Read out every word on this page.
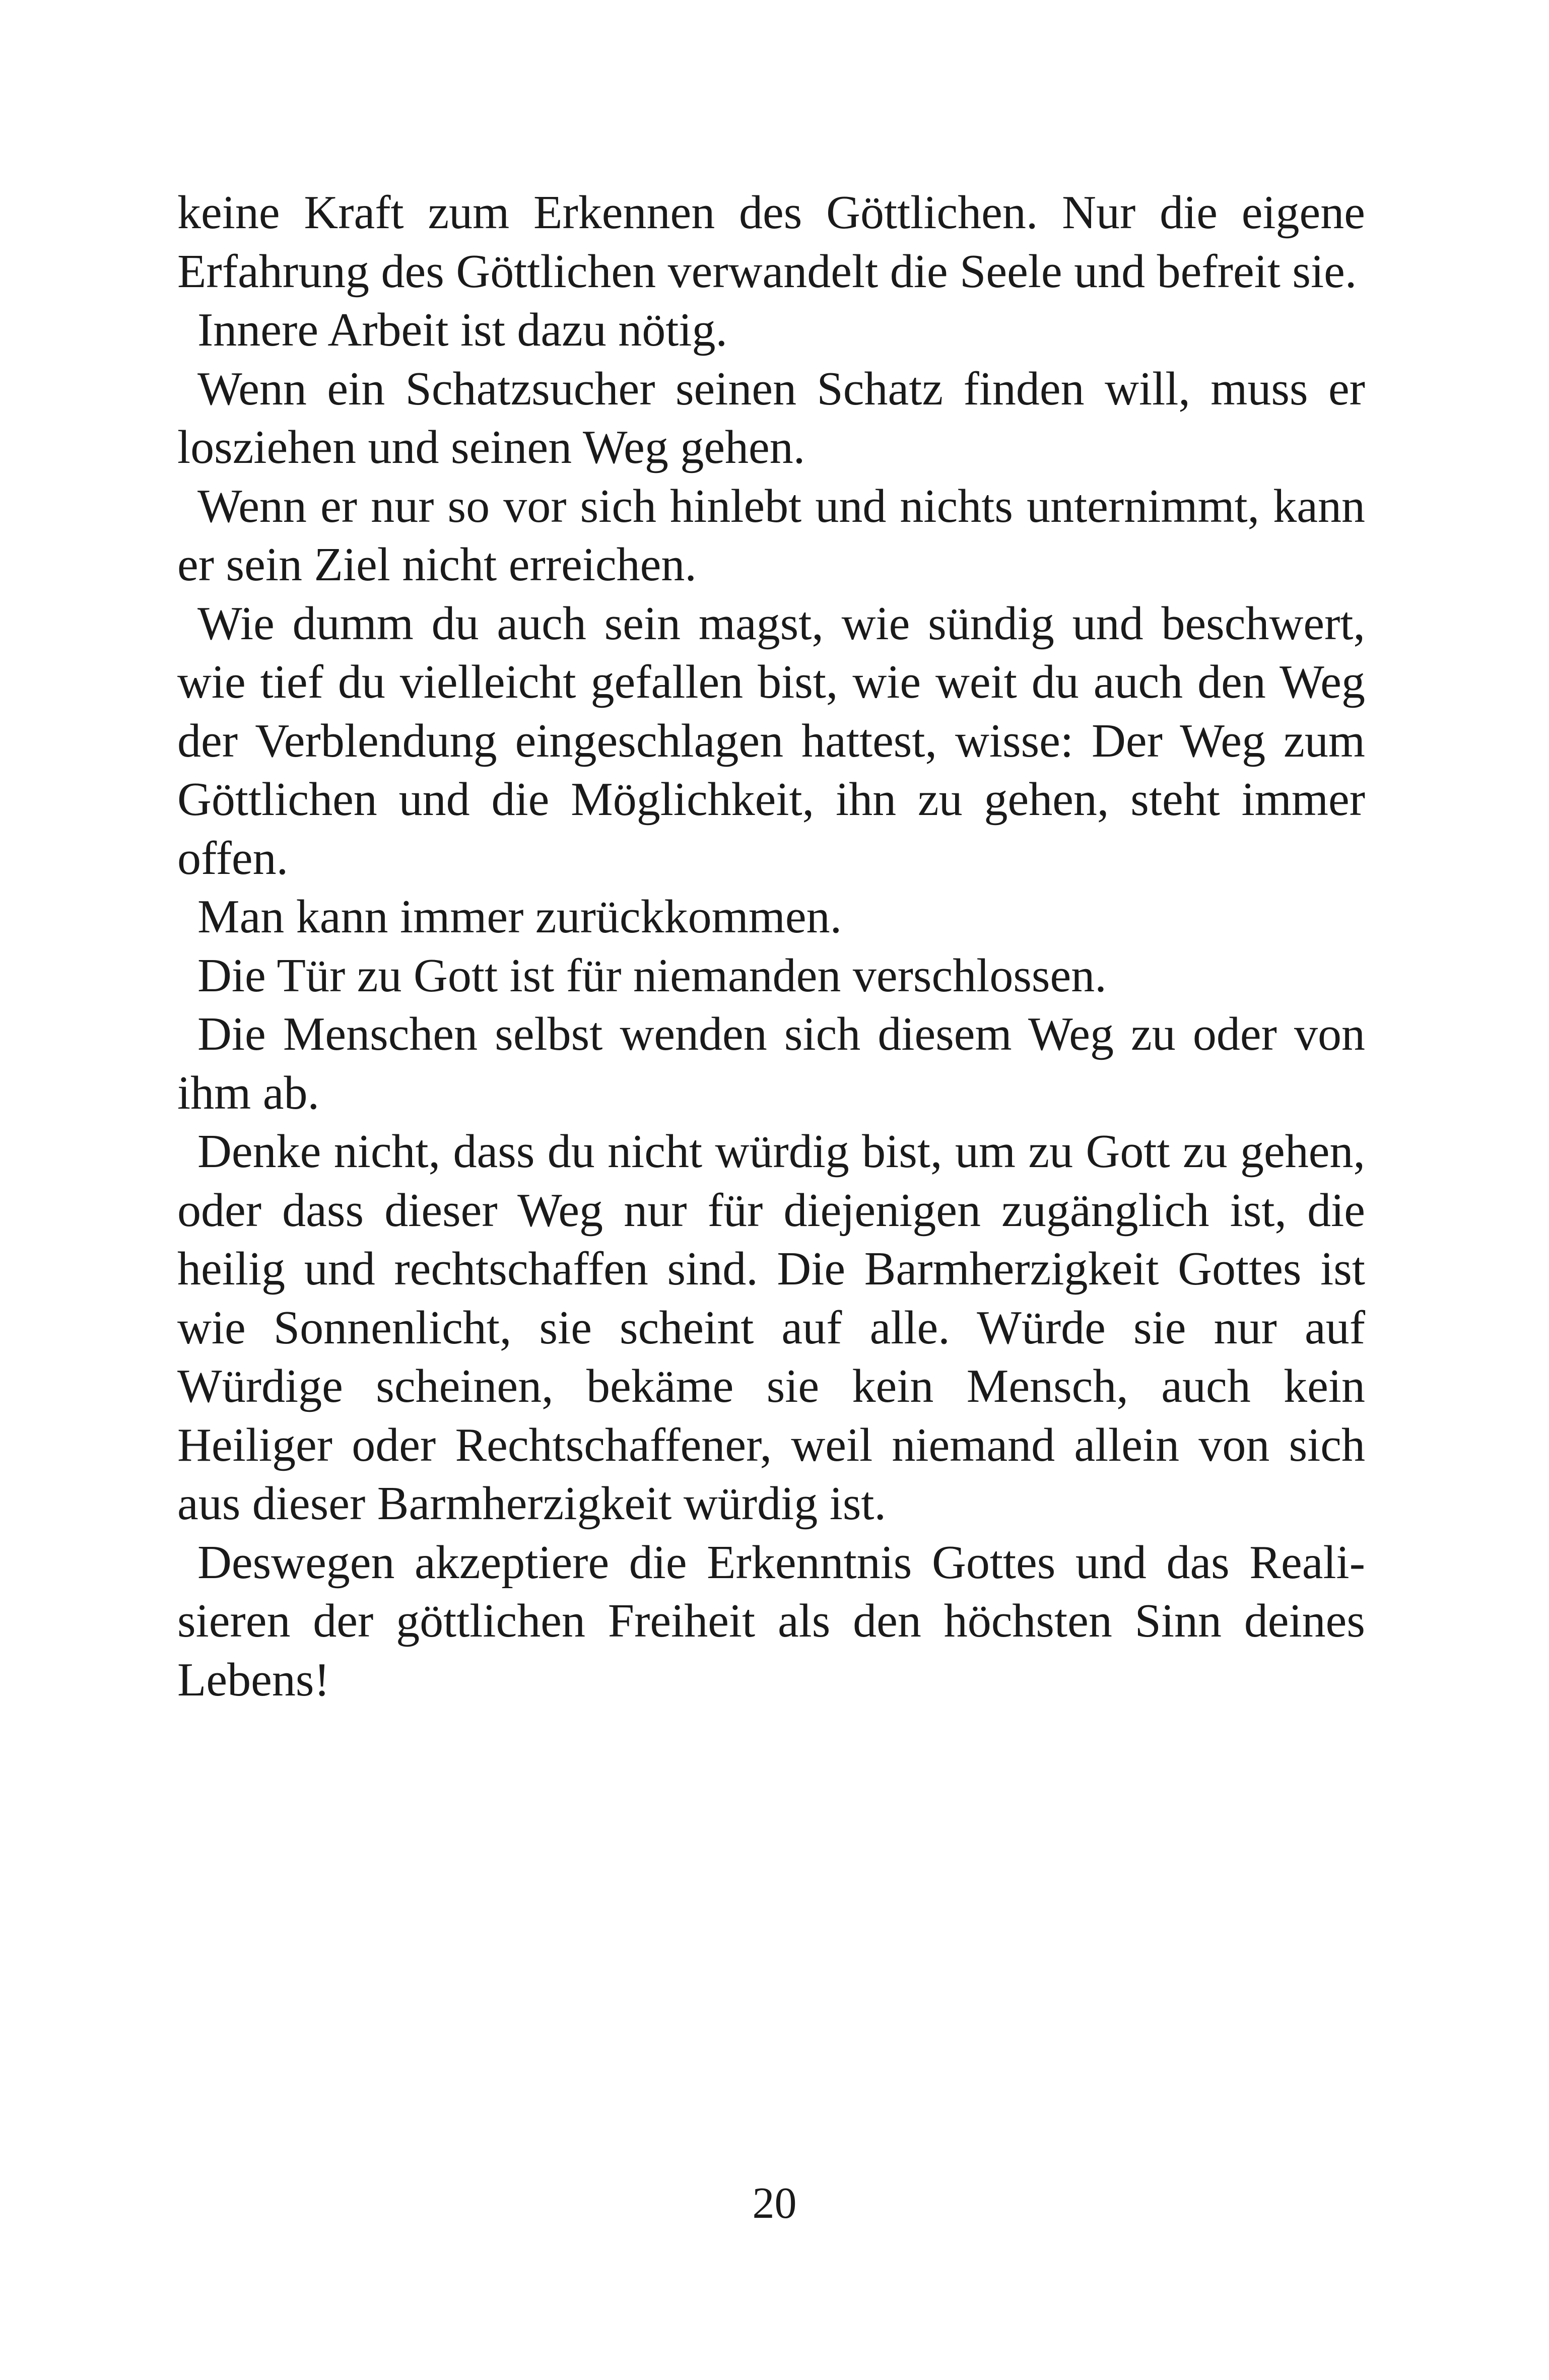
keine Kraft zum Erkennen des Göttlichen. Nur die eigene Erfahrung des Göttlichen verwandelt die Seele und befreit sie.

Innere Arbeit ist dazu nötig.

Wenn ein Schatzsucher seinen Schatz finden will, muss er losziehen und seinen Weg gehen.

Wenn er nur so vor sich hinlebt und nichts unternimmt, kann er sein Ziel nicht erreichen.

Wie dumm du auch sein magst, wie sündig und beschwert, wie tief du vielleicht gefallen bist, wie weit du auch den Weg der Verblendung eingeschlagen hattest, wisse: Der Weg zum Göttlichen und die Möglichkeit, ihn zu gehen, steht immer offen.

Man kann immer zurückkommen.

Die Tür zu Gott ist für niemanden verschlossen.

Die Menschen selbst wenden sich diesem Weg zu oder von ihm ab.

Denke nicht, dass du nicht würdig bist, um zu Gott zu gehen, oder dass dieser Weg nur für diejenigen zugänglich ist, die heilig und rechtschaffen sind. Die Barmherzigkeit Gottes ist wie Sonnenlicht, sie scheint auf alle. Würde sie nur auf Würdige scheinen, bekäme sie kein Mensch, auch kein Heiliger oder Rechtschaffener, weil niemand allein von sich aus dieser Barmherzigkeit würdig ist.

Deswegen akzeptiere die Erkenntnis Gottes und das Realisieren der göttlichen Freiheit als den höchsten Sinn deines Lebens!

20
